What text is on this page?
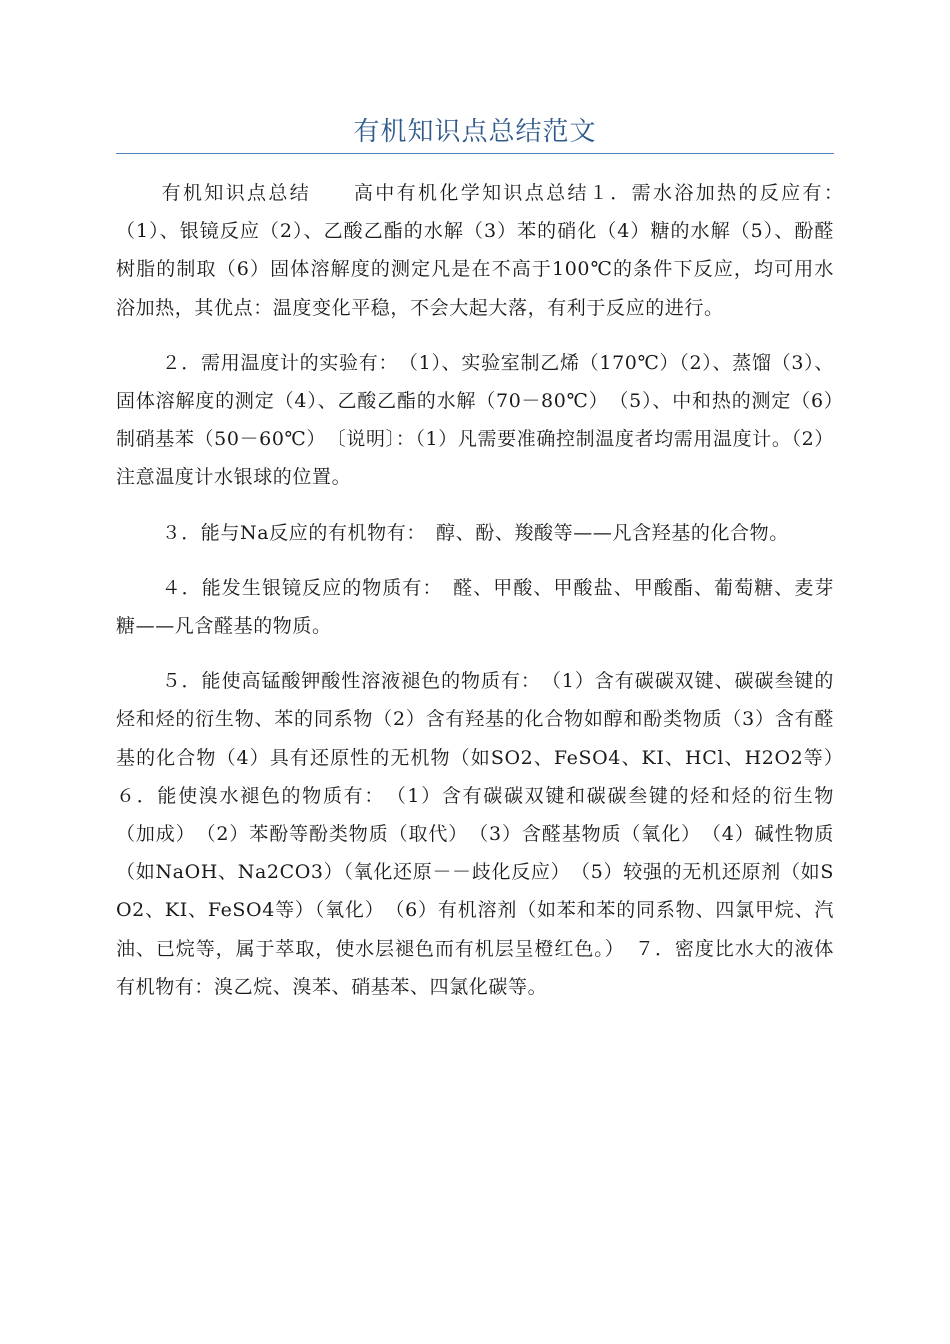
有机知识点总结范文

有机知识点总结　　高中有机化学知识点总结１．需水浴加热的反应有：　（1）、银镜反应（2）、乙酸乙酯的水解（3）苯的硝化（4）糖的水解（5）、酚醛树脂的制取（6）固体溶解度的测定凡是在不高于100℃的条件下反应，均可用水浴加热，其优点：温度变化平稳，不会大起大落，有利于反应的进行。

２．需用温度计的实验有：　（1）、实验室制乙烯（170℃）（2）、蒸馏（3）、固体溶解度的测定（4）、乙酸乙酯的水解（70－80℃）　（5）、中和热的测定（6）制硝基苯（50－60℃）　〔说明〕：（1）凡需要准确控制温度者均需用温度计。（2）注意温度计水银球的位置。

３．能与Na反应的有机物有：　醇、酚、羧酸等——凡含羟基的化合物。

４．能发生银镜反应的物质有：　醛、甲酸、甲酸盐、甲酸酯、葡萄糖、麦芽糖——凡含醛基的物质。

５．能使高锰酸钾酸性溶液褪色的物质有：　（1）含有碳碳双键、碳碳叁键的烃和烃的衍生物、苯的同系物（2）含有羟基的化合物如醇和酚类物质（3）含有醛基的化合物（4）具有还原性的无机物（如SO2、FeSO4、KI、HCl、H2O2等）　６．能使溴水褪色的物质有：　（1）含有碳碳双键和碳碳叁键的烃和烃的衍生物（加成）　（2）苯酚等酚类物质（取代）　（3）含醛基物质（氧化）　（4）碱性物质（如NaOH、Na2CO3）（氧化还原－－歧化反应）　（5）较强的无机还原剂（如SO2、KI、FeSO4等）（氧化）　（6）有机溶剂（如苯和苯的同系物、四氯甲烷、汽油、已烷等，属于萃取，使水层褪色而有机层呈橙红色。）　７．密度比水大的液体有机物有：溴乙烷、溴苯、硝基苯、四氯化碳等。
